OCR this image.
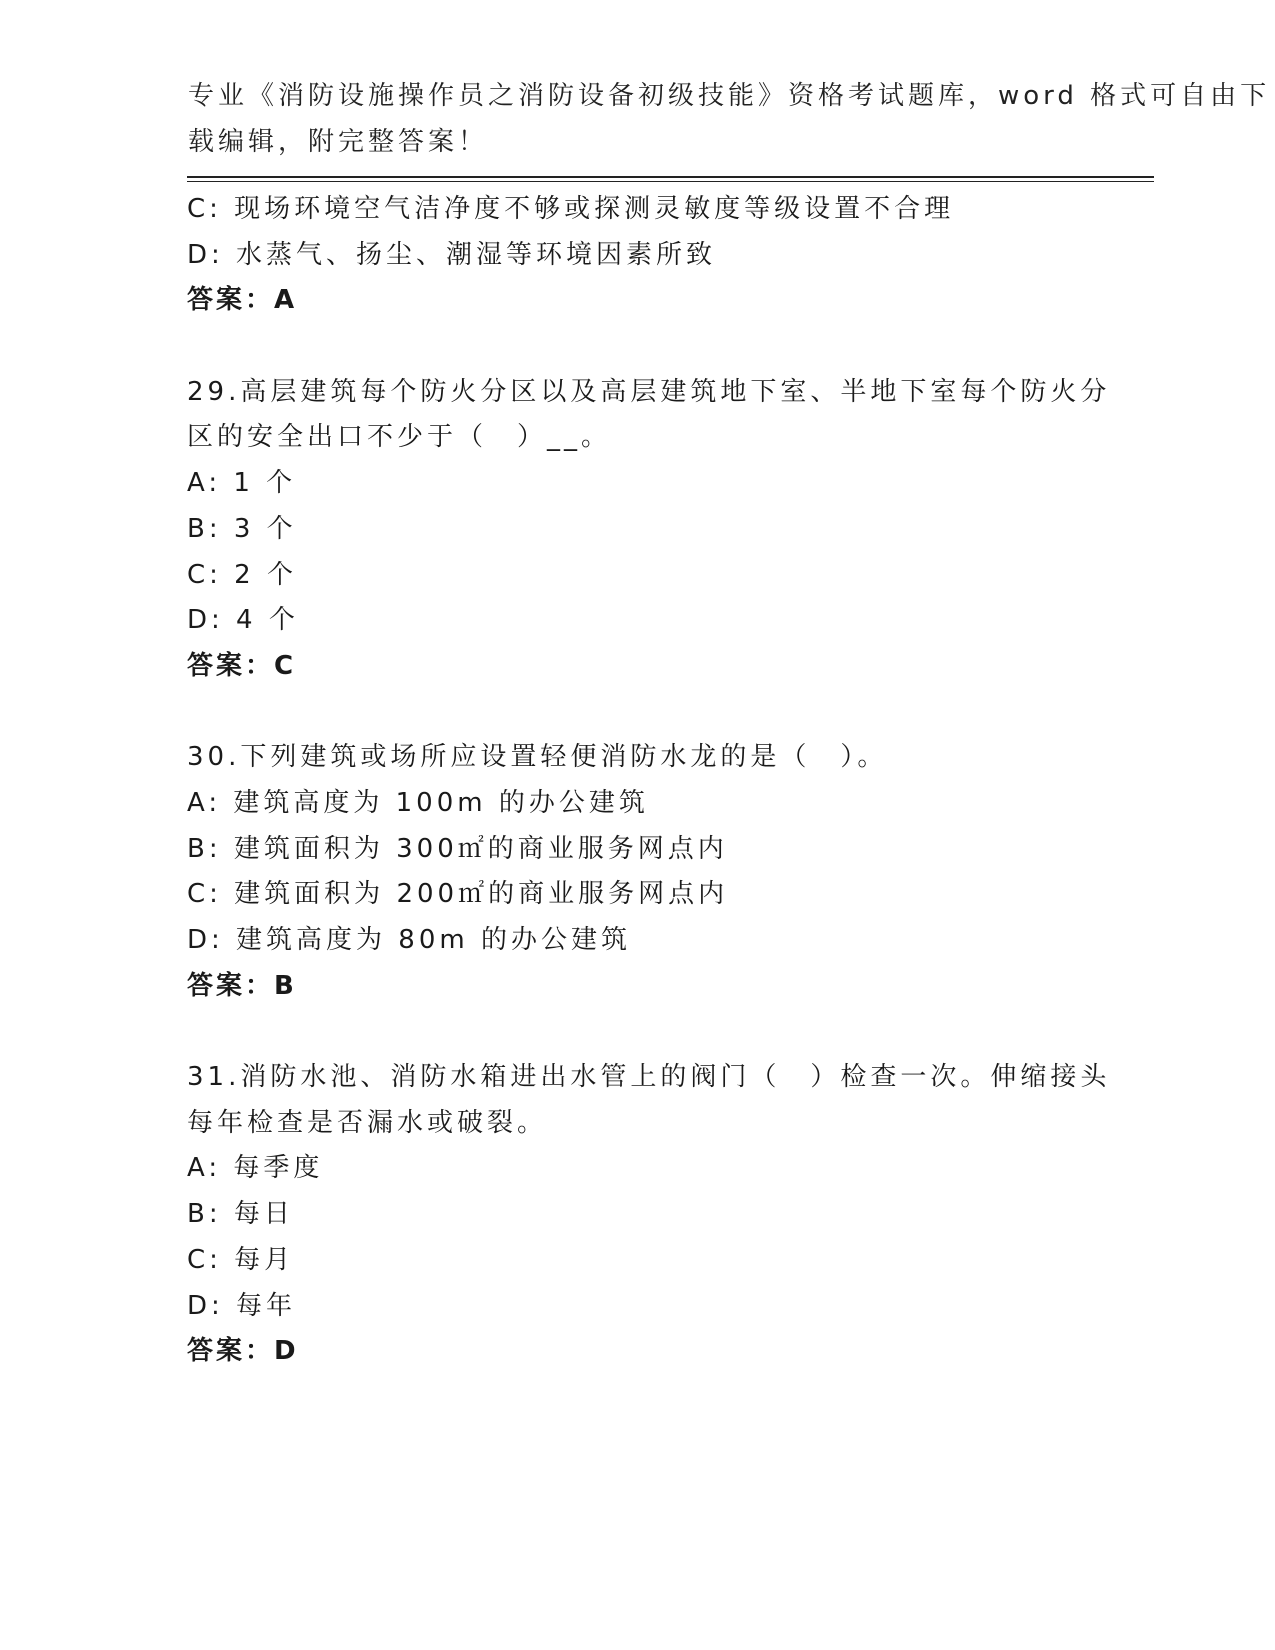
专业《消防设施操作员之消防设备初级技能》资格考试题库，word 格式可自由下
载编辑，附完整答案！
C: 现场环境空气洁净度不够或探测灵敏度等级设置不合理
D: 水蒸气、扬尘、潮湿等环境因素所致
答案：A
29.高层建筑每个防火分区以及高层建筑地下室、半地下室每个防火分
区的安全出口不少于（　）__。
A: 1 个
B: 3 个
C: 2 个
D: 4 个
答案：C
30.下列建筑或场所应设置轻便消防水龙的是（　）。
A: 建筑高度为 100m 的办公建筑
B: 建筑面积为 300㎡的商业服务网点内
C: 建筑面积为 200㎡的商业服务网点内
D: 建筑高度为 80m 的办公建筑
答案：B
31.消防水池、消防水箱进出水管上的阀门（　）检查一次。伸缩接头
每年检查是否漏水或破裂。
A: 每季度
B: 每日
C: 每月
D: 每年
答案：D
